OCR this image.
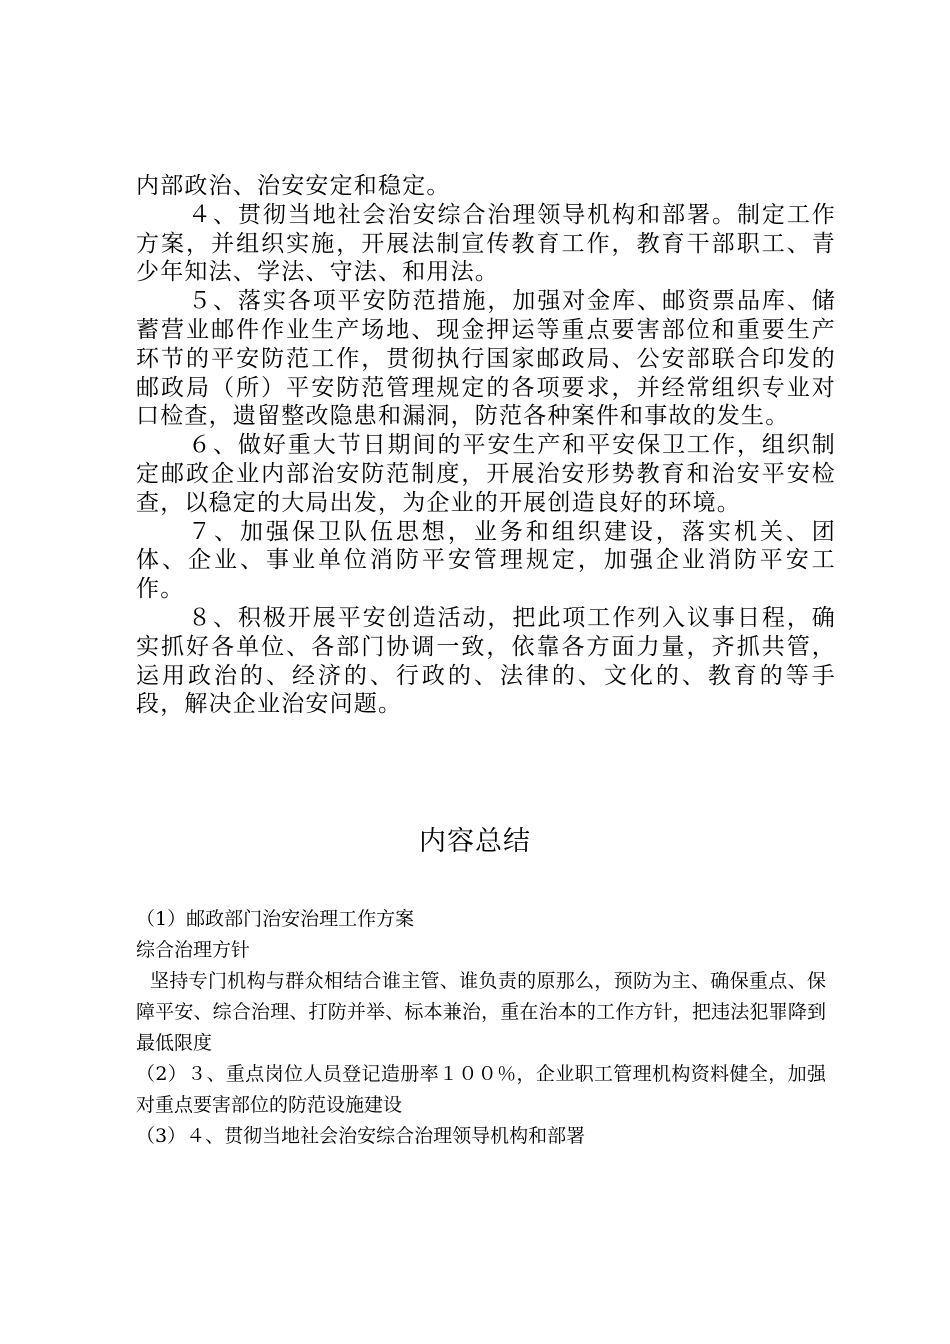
内部政治、治安安定和稳定。

４、贯彻当地社会治安综合治理领导机构和部署。制定工作方案，并组织实施，开展法制宣传教育工作，教育干部职工、青少年知法、学法、守法、和用法。

５、落实各项平安防范措施，加强对金库、邮资票品库、储蓄营业邮件作业生产场地、现金押运等重点要害部位和重要生产环节的平安防范工作，贯彻执行国家邮政局、公安部联合印发的邮政局（所）平安防范管理规定的各项要求，并经常组织专业对口检查，遗留整改隐患和漏洞，防范各种案件和事故的发生。

６、做好重大节日期间的平安生产和平安保卫工作，组织制定邮政企业内部治安防范制度，开展治安形势教育和治安平安检查，以稳定的大局出发，为企业的开展创造良好的环境。

７、加强保卫队伍思想，业务和组织建设，落实机关、团体、企业、事业单位消防平安管理规定，加强企业消防平安工作。

８、积极开展平安创造活动，把此项工作列入议事日程，确实抓好各单位、各部门协调一致，依靠各方面力量，齐抓共管，运用政治的、经济的、行政的、法律的、文化的、教育的等手段，解决企业治安问题。

内容总结

（1）邮政部门治安治理工作方案

综合治理方针

坚持专门机构与群众相结合谁主管、谁负责的原那么，预防为主、确保重点、保障平安、综合治理、打防并举、标本兼治，重在治本的工作方针，把违法犯罪降到最低限度

（2）３、重点岗位人员登记造册率１００％，企业职工管理机构资料健全，加强对重点要害部位的防范设施建设

（3）４、贯彻当地社会治安综合治理领导机构和部署
